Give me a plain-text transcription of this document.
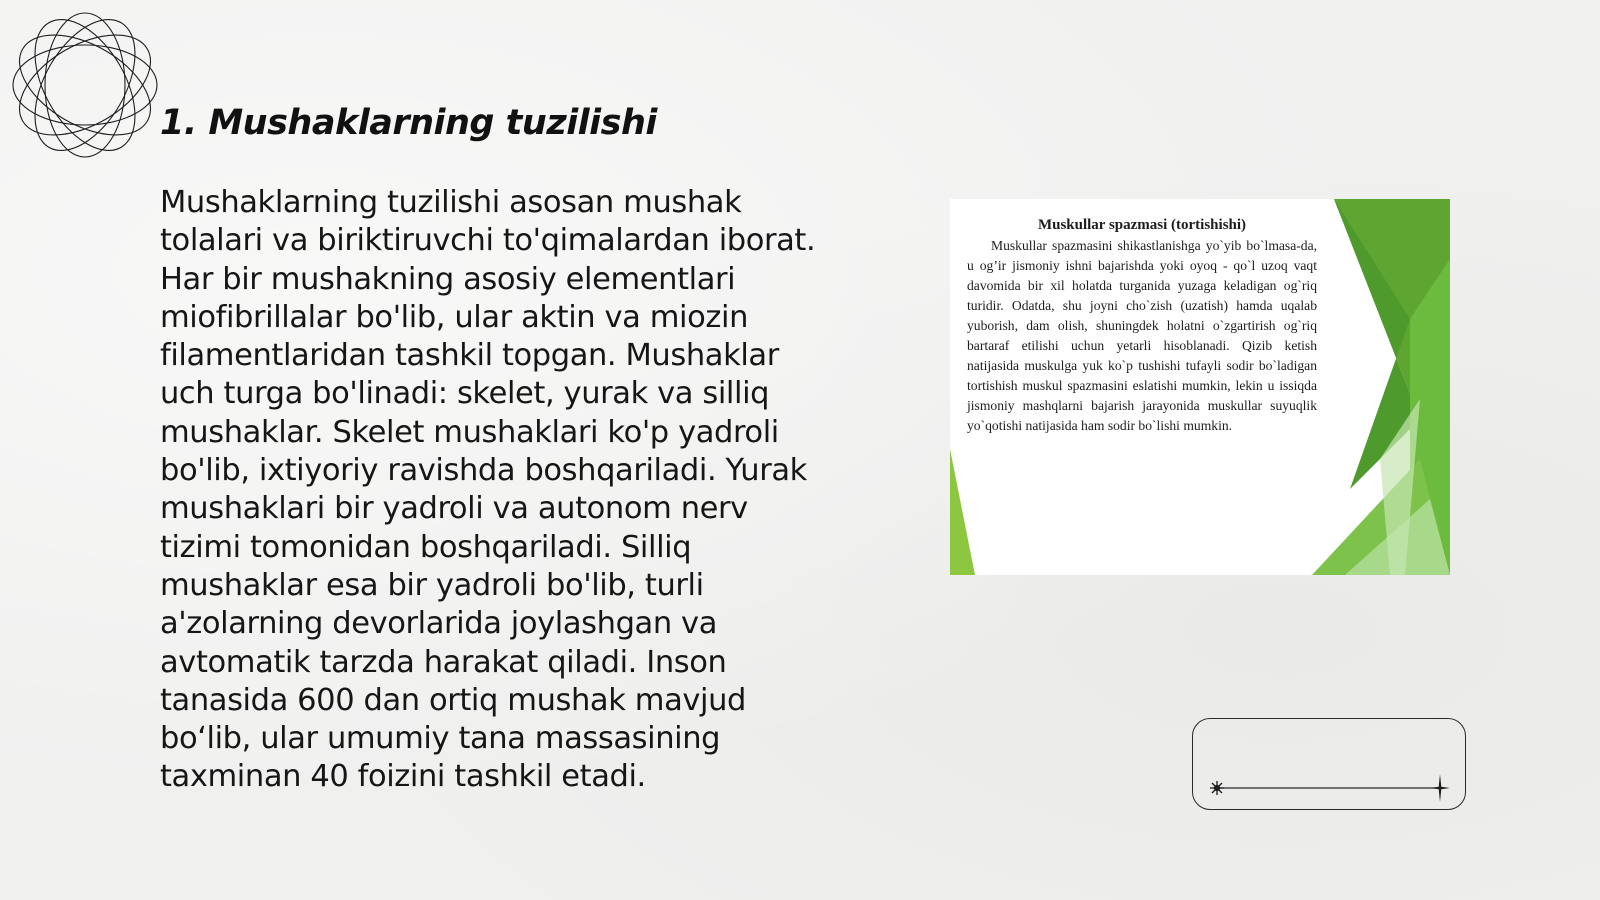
1. Mushaklarning tuzilishi

Mushaklarning tuzilishi asosan mushak tolalari va biriktiruvchi to'qimalardan iborat. Har bir mushakning asosiy elementlari miofibrillalar bo'lib, ular aktin va miozin filamentlaridan tashkil topgan. Mushaklar uch turga bo'linadi: skelet, yurak va silliq mushaklar. Skelet mushaklari ko'p yadroli bo'lib, ixtiyoriy ravishda boshqariladi. Yurak mushaklari bir yadroli va autonom nerv tizimi tomonidan boshqariladi. Silliq mushaklar esa bir yadroli bo'lib, turli a'zolarning devorlarida joylashgan va avtomatik tarzda harakat qiladi. Inson tanasida 600 dan ortiq mushak mavjud bo‘lib, ular umumiy tana massasining taxminan 40 foizini tashkil etadi.

Muskullar spazmasi (tortishishi)

Muskullar spazmasini shikastlanishga yo`yib bo`lmasa-da, u og’ir jismoniy ishni bajarishda yoki oyoq - qo`l uzoq vaqt davomida bir xil holatda turganida yuzaga keladigan og`riq turidir. Odatda, shu joyni cho`zish (uzatish) hamda uqalab yuborish, dam olish, shuningdek holatni o`zgartirish og`riq bartaraf etilishi uchun yetarli hisoblanadi. Qizib ketish natijasida muskulga yuk ko`p tushishi tufayli sodir bo`ladigan tortishish muskul spazmasini eslatishi mumkin, lekin u issiqda jismoniy mashqlarni bajarish jarayonida muskullar suyuqlik yo`qotishi natijasida ham sodir bo`lishi mumkin.
